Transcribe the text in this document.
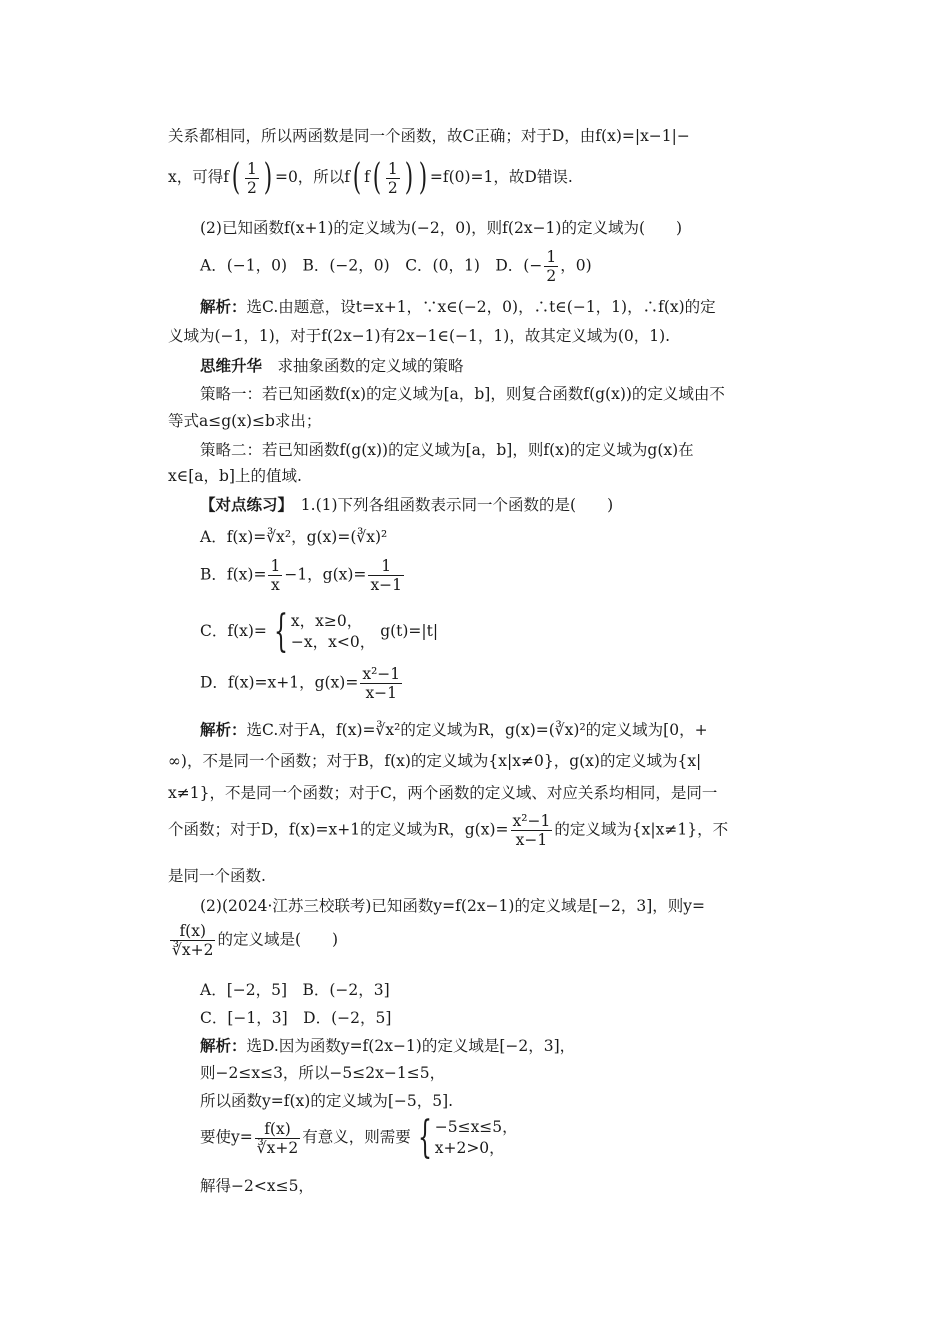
关系都相同，所以两函数是同一个函数，故C正确；对于D，由f(x)=|x−1|−
x，可得$f( \frac{1}{2}$ ) =0，所以f( $f( \frac{1}{2}$ ) ) =f(0)=1，故D错误.
(2)已知函数f(x+1)的定义域为(−2，0)，则f(2x−1)的定义域为(　　)
A．(−1，0)　B．(−2，0)　C．(0，1)　D．(− $\frac{1}{2}$ ，0)
解析：选C.由题意，设t=x+1，∵x∈(−2，0)，∴t∈(−1，1)，∴f(x)的定
义域为(−1，1)，对于f(2x−1)有2x−1∈(−1，1)，故其定义域为(0，1).
思维升华　 求抽象函数的定义域的策略
策略一：若已知函数f(x)的定义域为[a，b]，则复合函数f(g(x))的定义域由不
等式a≤g(x)≤b求出；
策略二：若已知函数f(g(x))的定义域为[a，b]，则f(x)的定义域为g(x)在
x∈[a，b]上的值域.
【对点练习】　 1.(1)下列各组函数表示同一个函数的是(　　)
A．f(x)=∛x²，g(x)=(∛x)²
B．$f(x)= \frac{1}{x} -1$，$g(x)= \frac{1}{x-1}$
C．f(x)= { x，x≥0，
−x，x<0，
g(t)=|t|
D．f(x)=x+1，$g(x)= \frac{\text{x²−1}}{x-1}$
解析：选C.对于A，f(x)=∛x²的定义域为R，g(x)=(∛x)²的定义域为[0，+
∞)，不是同一个函数；对于B，f(x)的定义域为{x|x≠0}，g(x)的定义域为{x|
x≠1}，不是同一个函数；对于C，两个函数的定义域、对应关系均相同，是同一
个函数；对于D，f(x)=x+1的定义域为R，$g(x)= \frac{\text{x²−1}}{x-1}$ 的定义域为{x|x≠1}，不
是同一个函数.
(2)(2024·江苏三校联考)已知函数y=f(2x−1)的定义域是[−2，3]，则y=
$\frac{f(x)}{∛x+2}$ 的定义域是(　　)
A．[−2，5]　B．(−2，3]
C．[−1，3]　D．(−2，5]
解析：选D.因为函数y=f(2x−1)的定义域是[−2，3]，
则−2≤x≤3，所以−5≤2x−1≤5，
所以函数y=f(x)的定义域为[−5，5].
要使$y= \frac{f(x)}{∛x+2}$ 有意义，则需要 { −5≤x≤5，
x+2>0，
解得−2<x≤5，
